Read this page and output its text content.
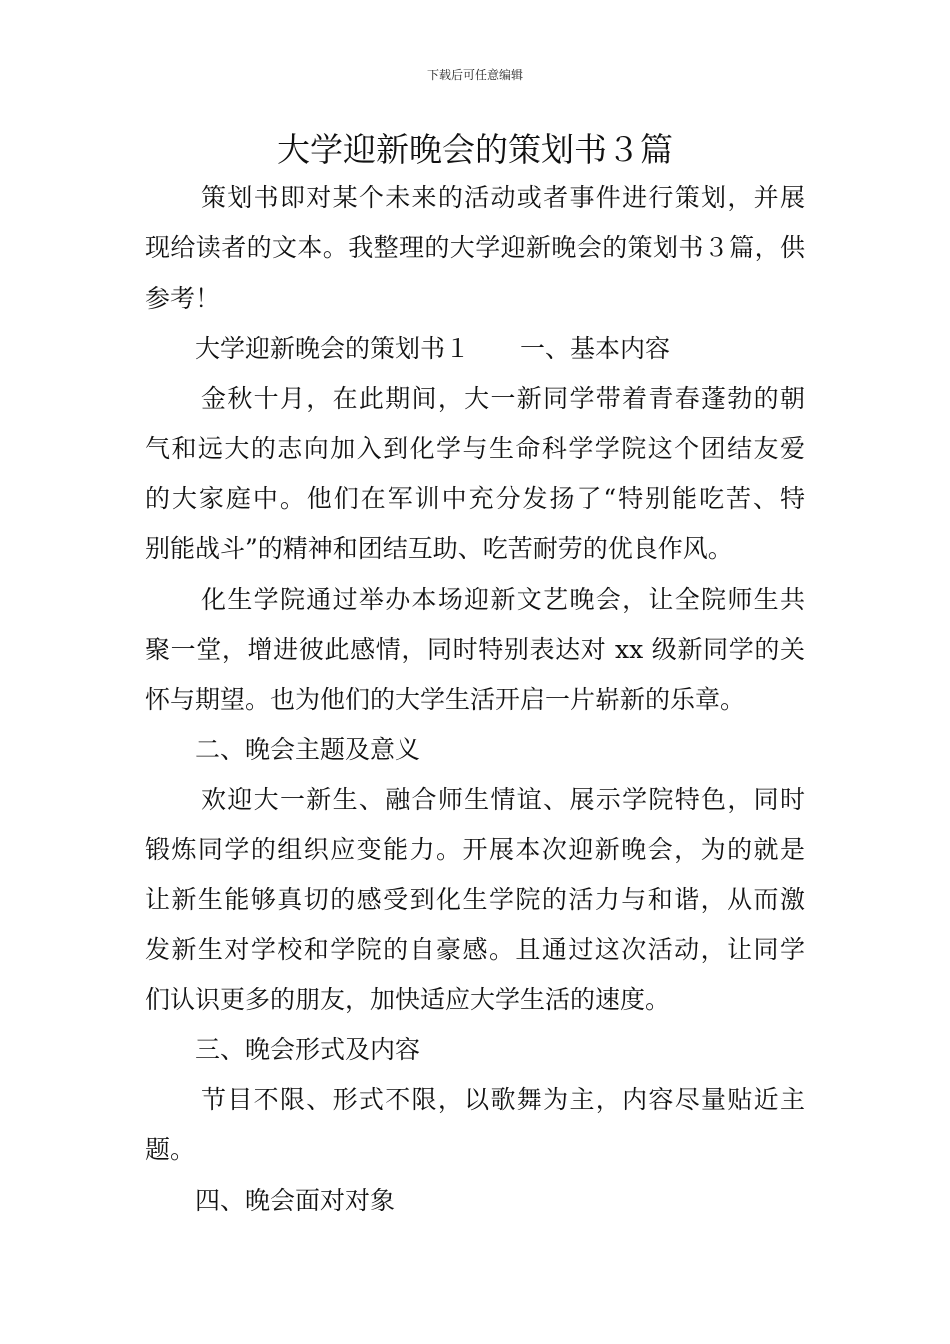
下载后可任意编辑
大学迎新晚会的策划书３篇
策划书即对某个未来的活动或者事件进行策划，并展
现给读者的文本。我整理的大学迎新晚会的策划书３篇，供
参考！
大学迎新晚会的策划书１　　一、基本内容
金秋十月，在此期间，大一新同学带着青春蓬勃的朝
气和远大的志向加入到化学与生命科学学院这个团结友爱
的大家庭中。他们在军训中充分发扬了“特别能吃苦、特
别能战斗”的精神和团结互助、吃苦耐劳的优良作风。
化生学院通过举办本场迎新文艺晚会，让全院师生共
聚一堂，增进彼此感情，同时特别表达对 xx 级新同学的关
怀与期望。也为他们的大学生活开启一片崭新的乐章。
二、晚会主题及意义
欢迎大一新生、融合师生情谊、展示学院特色，同时
锻炼同学的组织应变能力。开展本次迎新晚会，为的就是
让新生能够真切的感受到化生学院的活力与和谐，从而激
发新生对学校和学院的自豪感。且通过这次活动，让同学
们认识更多的朋友，加快适应大学生活的速度。
三、晚会形式及内容
节目不限、形式不限，以歌舞为主，内容尽量贴近主
题。
四、晚会面对对象
